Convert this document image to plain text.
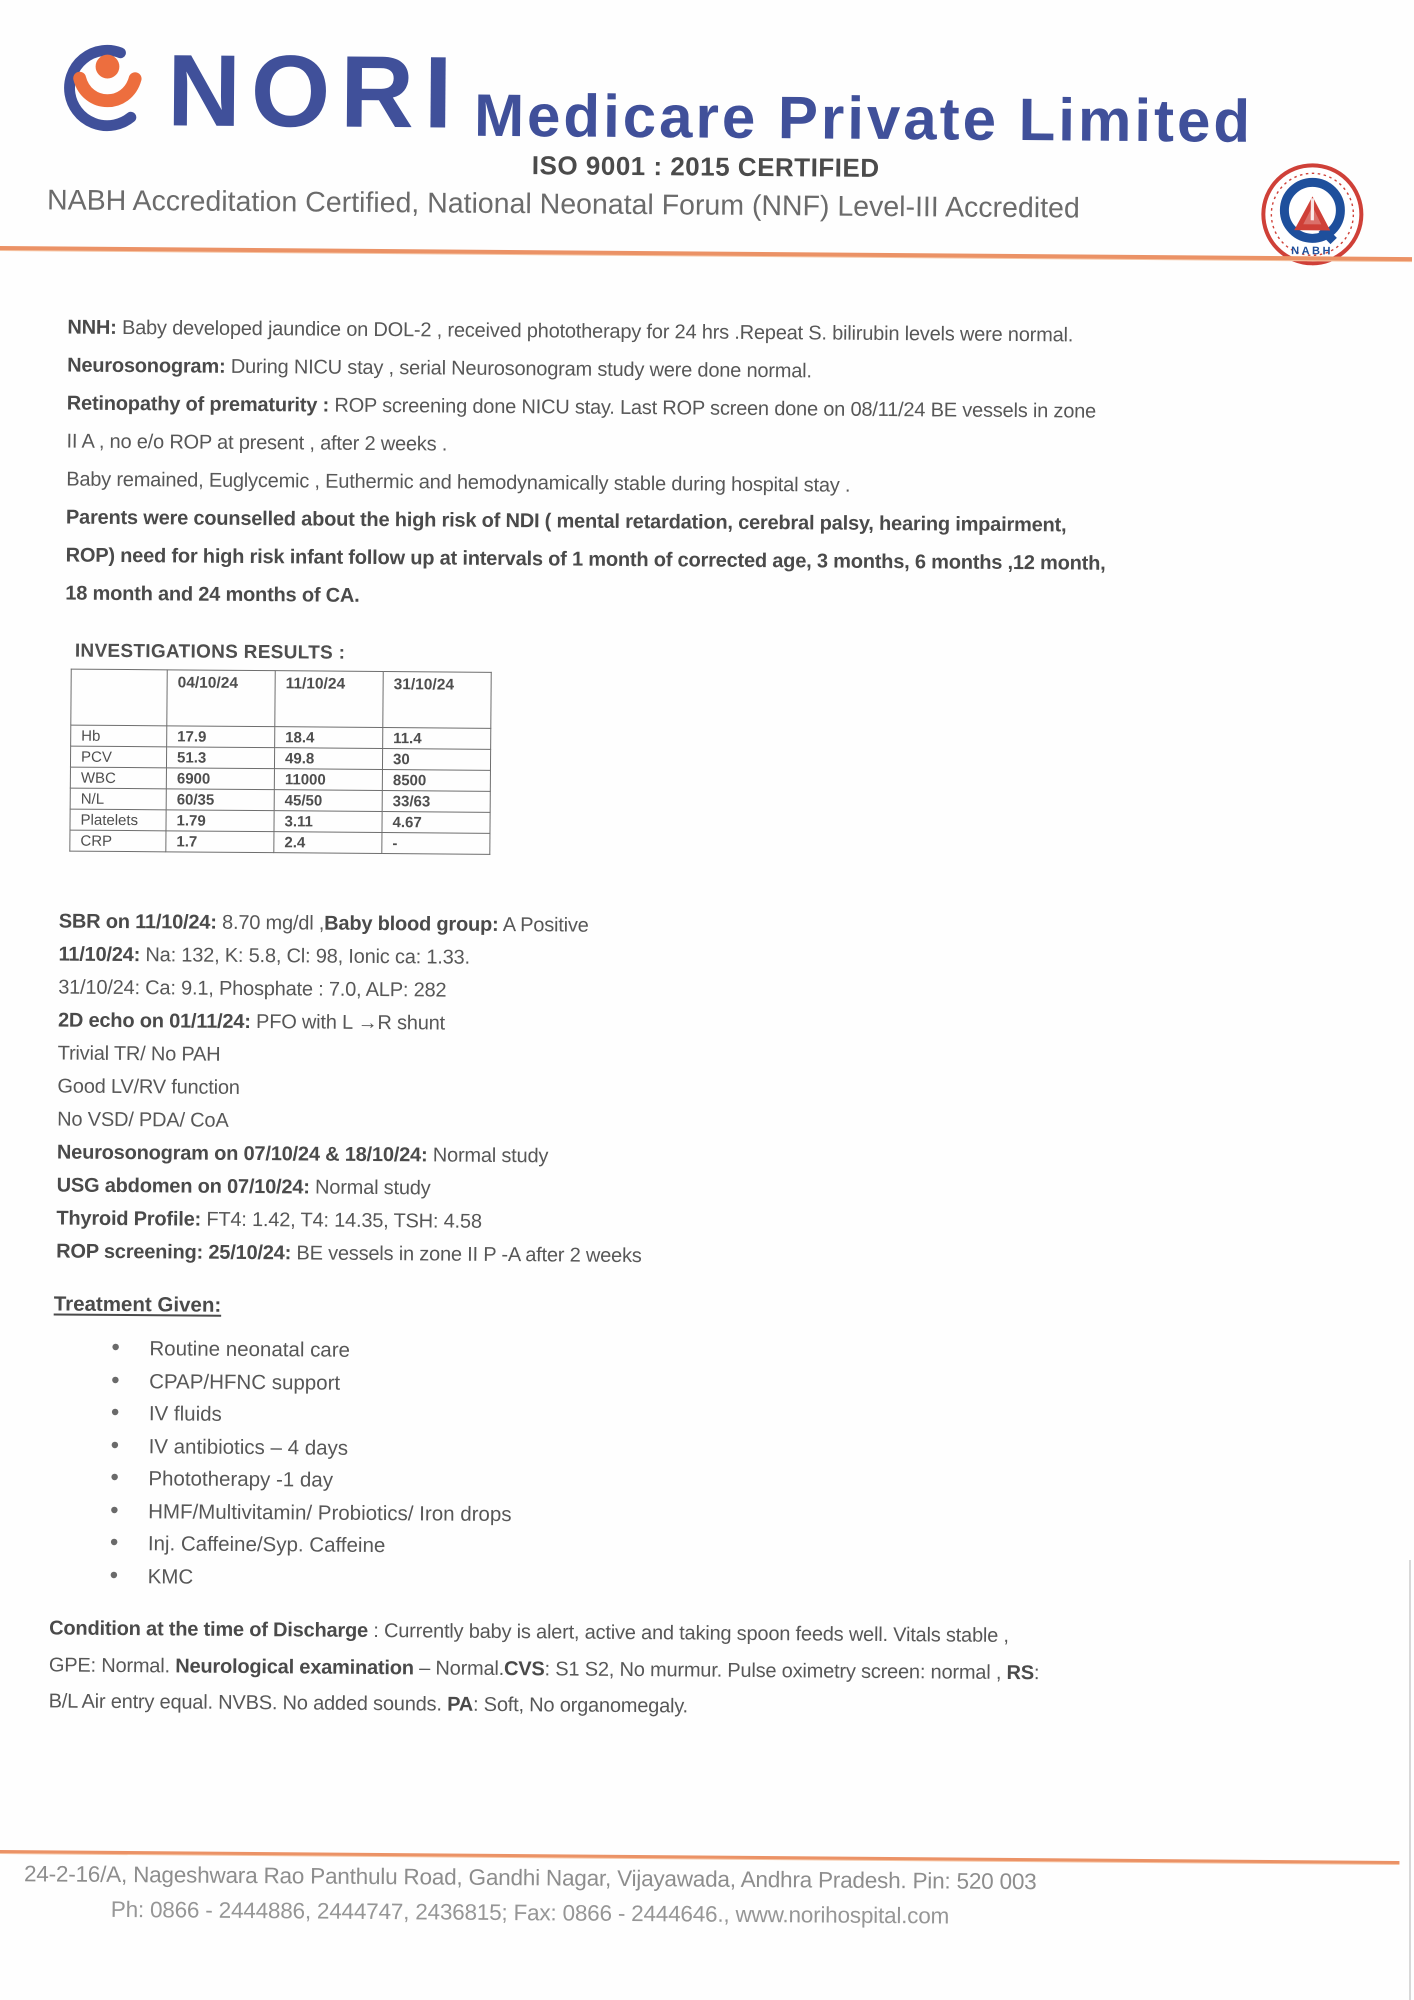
NORI Medicare Private Limited
ISO 9001 : 2015 CERTIFIED
NABH Accreditation Certified, National Neonatal Forum (NNF) Level-III Accredited
NABH

NNH: Baby developed jaundice on DOL-2 , received phototherapy for 24 hrs .Repeat S. bilirubin levels were normal.

Neurosonogram: During NICU stay , serial Neurosonogram study were done normal.

Retinopathy of prematurity : ROP screening done NICU stay. Last ROP screen done on 08/11/24 BE vessels in zone II A , no e/o ROP at present , after 2 weeks .

Baby remained, Euglycemic , Euthermic and hemodynamically stable during hospital stay .

Parents were counselled about the high risk of NDI ( mental retardation, cerebral palsy, hearing impairment, ROP) need for high risk infant follow up at intervals of 1 month of corrected age, 3 months, 6 months ,12 month, 18 month and 24 months of CA.

INVESTIGATIONS RESULTS :
	04/10/24	11/10/24	31/10/24
Hb	17.9	18.4	11.4
PCV	51.3	49.8	30
WBC	6900	11000	8500
N/L	60/35	45/50	33/63
Platelets	1.79	3.11	4.67
CRP	1.7	2.4	-
SBR on 11/10/24: 8.70 mg/dl ,Baby blood group: A Positive
11/10/24: Na: 132, K: 5.8, Cl: 98, Ionic ca: 1.33.
31/10/24: Ca: 9.1, Phosphate : 7.0, ALP: 282
2D echo on 01/11/24: PFO with L →R shunt
Trivial TR/ No PAH
Good LV/RV function
No VSD/ PDA/ CoA
Neurosonogram on 07/10/24 & 18/10/24: Normal study
USG abdomen on 07/10/24: Normal study
Thyroid Profile: FT4: 1.42, T4: 14.35, TSH: 4.58
ROP screening: 25/10/24: BE vessels in zone II P -A after 2 weeks
Treatment Given:
• Routine neonatal care
• CPAP/HFNC support
• IV fluids
• IV antibiotics – 4 days
• Phototherapy -1 day
• HMF/Multivitamin/ Probiotics/ Iron drops
• Inj. Caffeine/Syp. Caffeine
• KMC
Condition at the time of Discharge : Currently baby is alert, active and taking spoon feeds well. Vitals stable , GPE: Normal. Neurological examination – Normal.CVS: S1 S2, No murmur. Pulse oximetry screen: normal , RS: B/L Air entry equal. NVBS. No added sounds. PA: Soft, No organomegaly.
24-2-16/A, Nageshwara Rao Panthulu Road, Gandhi Nagar, Vijayawada, Andhra Pradesh. Pin: 520 003
Ph: 0866 - 2444886, 2444747, 2436815; Fax: 0866 - 2444646., www.norihospital.com
